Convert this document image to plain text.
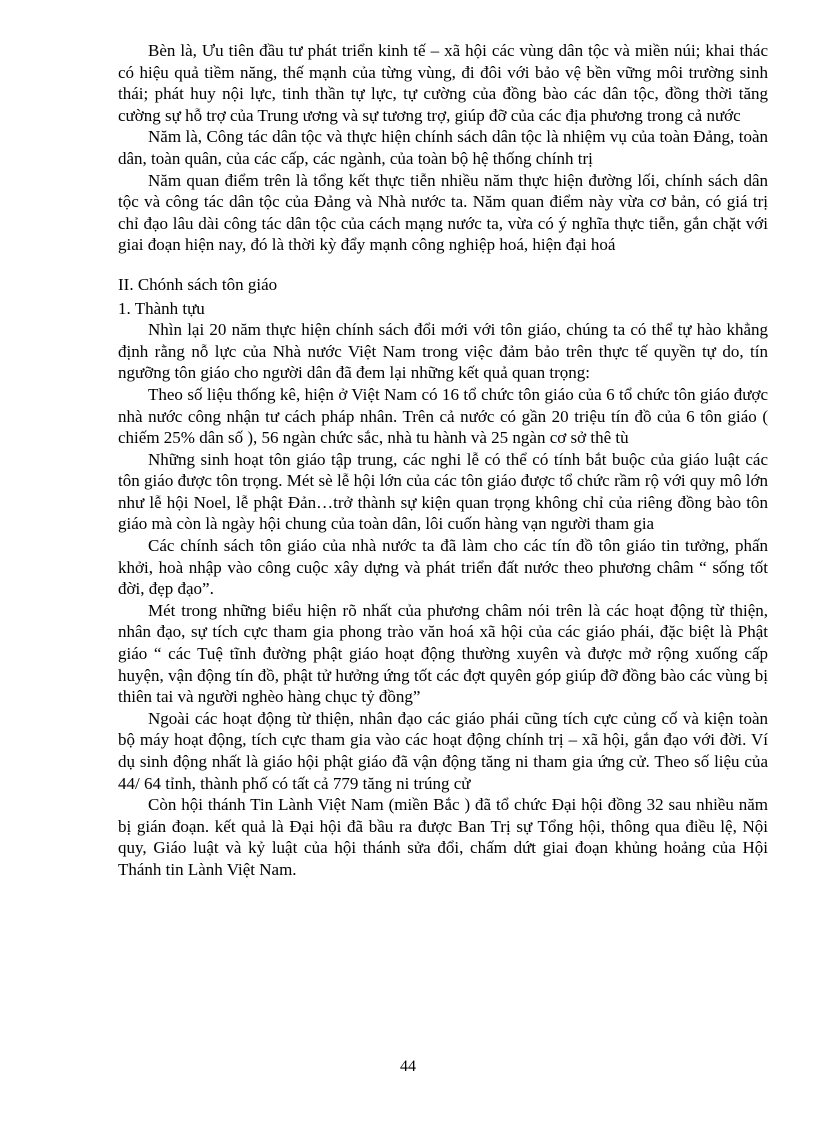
Bèn là, Ưu tiên đầu tư phát triển kinh tế – xã hội các vùng dân tộc và miền núi; khai thác có hiệu quả tiềm năng, thế mạnh của từng vùng, đi đôi với bảo vệ bền vững môi trường sinh thái; phát huy nội lực, tinh thần tự lực, tự cường của đồng bào các dân tộc, đồng thời tăng cường sự hỗ trợ của Trung ương và sự tương trợ, giúp đỡ của các địa phương trong cả nước

Năm là, Công tác dân tộc và thực hiện chính sách dân tộc là nhiệm vụ của toàn Đảng, toàn dân, toàn quân, của các cấp, các ngành, của toàn bộ hệ thống chính trị

Năm quan điểm trên là tổng kết thực tiễn nhiều năm thực hiện đường lối, chính sách dân tộc và công tác dân tộc của Đảng và Nhà nước ta. Năm quan điểm này vừa cơ bản, có giá trị chỉ đạo lâu dài công tác dân tộc của cách mạng nước ta, vừa có ý nghĩa thực tiễn, gắn chặt với giai đoạn hiện nay, đó là thời kỳ đẩy mạnh công nghiệp hoá, hiện đại hoá

II. Chónh sách tôn giáo

1. Thành tựu

Nhìn lại 20 năm thực hiện chính sách đổi mới với tôn giáo, chúng ta có thể tự hào khẳng định rằng nỗ lực của Nhà nước Việt Nam trong việc đảm bảo trên thực tế quyền tự do, tín ngưỡng tôn giáo cho người dân đã đem lại những kết quả quan trọng:

Theo số liệu thống kê, hiện ở Việt Nam có 16 tổ chức tôn giáo của 6 tổ chức tôn giáo được nhà nước công nhận tư cách pháp nhân. Trên cả nước có gần 20 triệu tín đồ của 6 tôn giáo ( chiếm 25% dân số ), 56 ngàn chức sắc, nhà tu hành và 25 ngàn cơ sở thê tù

Những sinh hoạt tôn giáo tập trung, các nghi lễ có thể có tính bắt buộc của giáo luật các tôn giáo được tôn trọng. Mét sè lễ hội lớn của các tôn giáo được tổ chức rầm rộ với quy mô lớn như lễ hội Noel, lễ phật Đản…trở thành sự kiện quan trọng không chỉ của riêng đồng bào tôn giáo mà còn là ngày hội chung của toàn dân, lôi cuốn hàng vạn người tham gia

Các chính sách tôn giáo của nhà nước ta đã làm cho các tín đồ tôn giáo tin tưởng, phấn khởi, hoà nhập vào công cuộc xây dựng và phát triển đất nước theo phương châm “ sống tốt đời, đẹp đạo”.

Mét trong những biểu hiện rõ nhất của phương châm nói trên là các hoạt động từ thiện, nhân đạo, sự tích cực tham gia phong trào văn hoá xã hội của các giáo phái, đặc biệt là Phật giáo “ các Tuệ tĩnh đường phật giáo hoạt động thường xuyên và được mở rộng xuống cấp huyện, vận động tín đồ, phật tử hưởng ứng tốt các đợt quyên góp giúp đỡ đồng bào các vùng bị thiên tai và người nghèo hàng chục tỷ đồng”

Ngoài các hoạt động từ thiện, nhân đạo các giáo phái cũng tích cực củng cố và kiện toàn bộ máy hoạt động, tích cực tham gia vào các hoạt động chính trị – xã hội, gắn đạo với đời. Ví dụ sinh động nhất là giáo hội phật giáo đã vận động tăng ni tham gia ứng cử. Theo số liệu của 44/ 64 tỉnh, thành phố có tất cả 779 tăng ni trúng cử

Còn hội thánh Tin Lành Việt Nam (miền Bắc ) đã tổ chức Đại hội đồng 32 sau nhiều năm bị gián đoạn. kết quả là Đại hội đã bầu ra được Ban Trị sự Tổng hội, thông qua điều lệ, Nội quy, Giáo luật và kỷ luật của hội thánh sửa đổi, chấm dứt giai đoạn khủng hoảng của Hội Thánh tin Lành Việt Nam.

44
